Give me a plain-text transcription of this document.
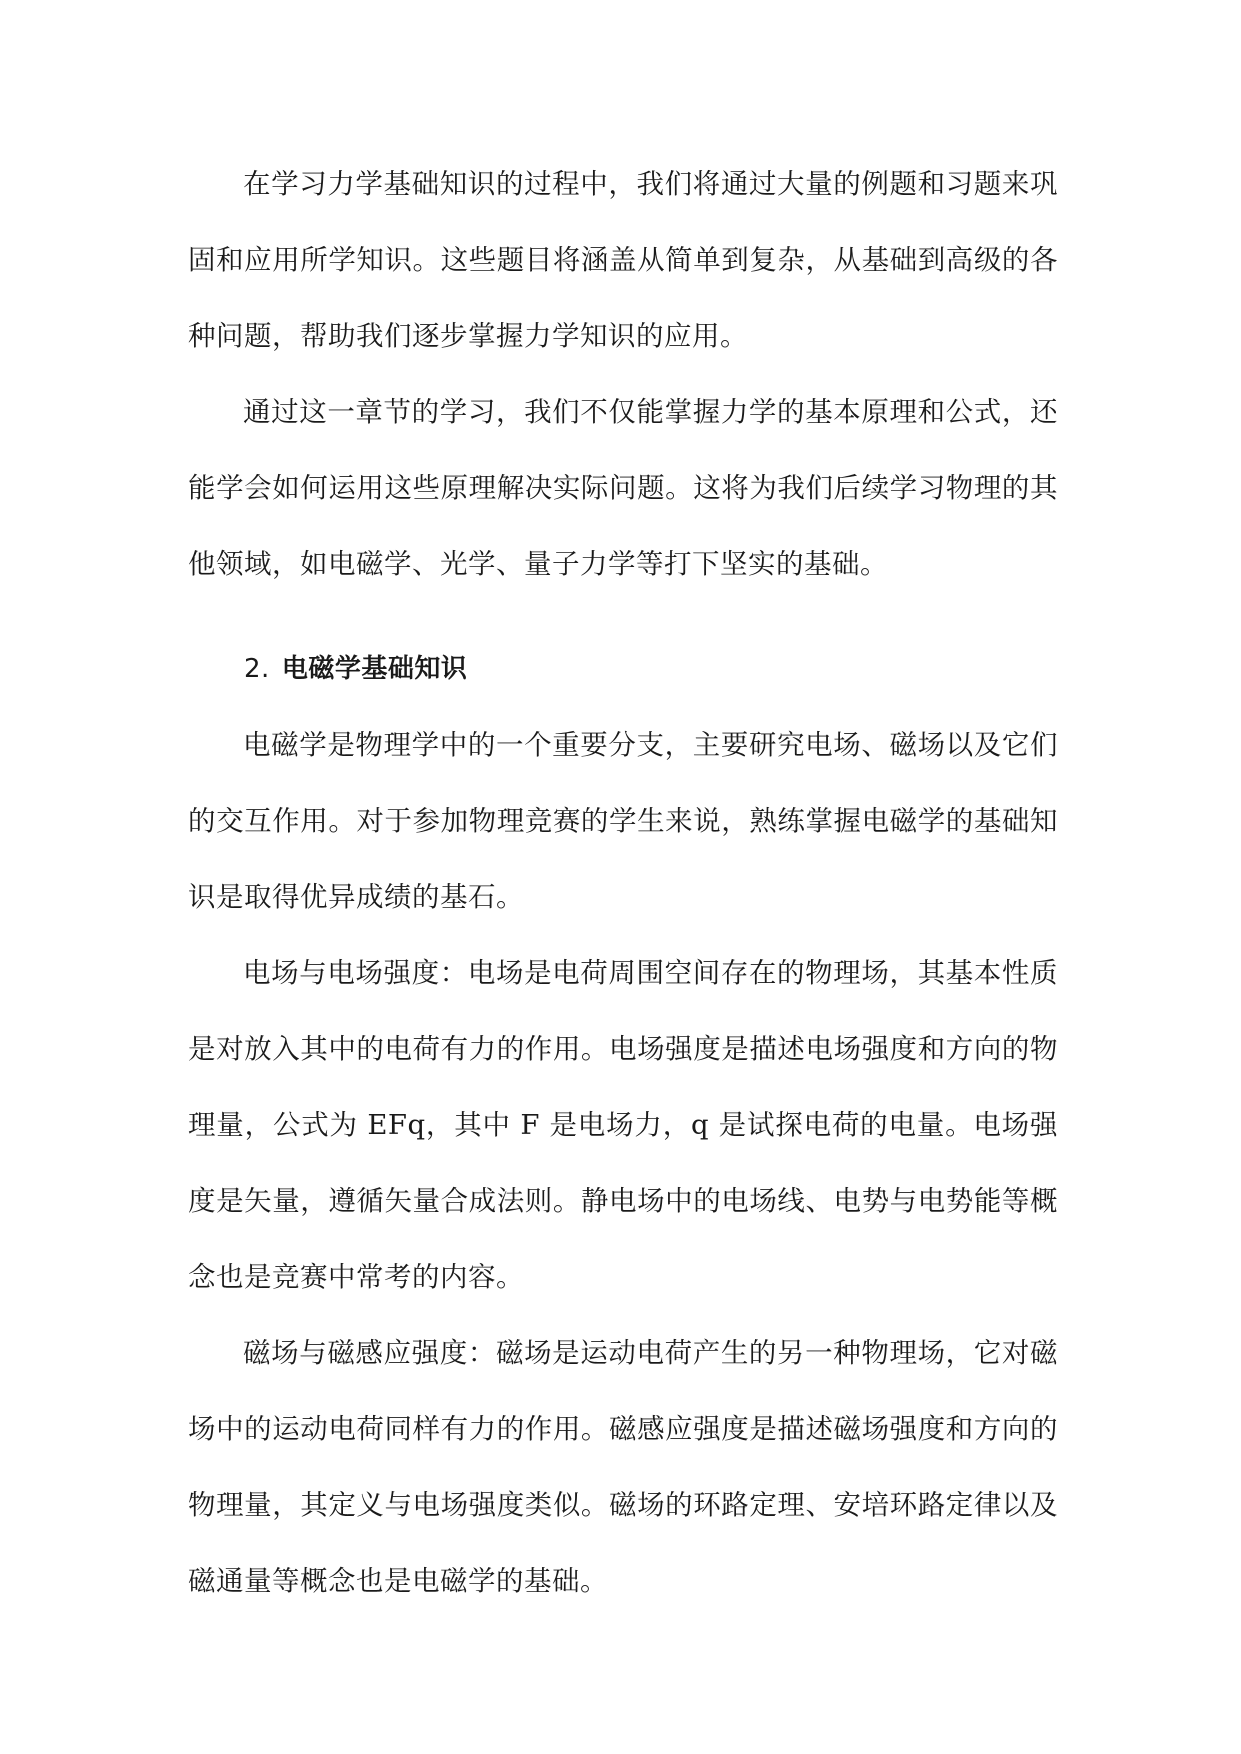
在学习力学基础知识的过程中，我们将通过大量的例题和习题来巩固和应用所学知识。这些题目将涵盖从简单到复杂，从基础到高级的各种问题，帮助我们逐步掌握力学知识的应用。

通过这一章节的学习，我们不仅能掌握力学的基本原理和公式，还能学会如何运用这些原理解决实际问题。这将为我们后续学习物理的其他领域，如电磁学、光学、量子力学等打下坚实的基础。

2. 电磁学基础知识

电磁学是物理学中的一个重要分支，主要研究电场、磁场以及它们的交互作用。对于参加物理竞赛的学生来说，熟练掌握电磁学的基础知识是取得优异成绩的基石。

电场与电场强度：电场是电荷周围空间存在的物理场，其基本性质是对放入其中的电荷有力的作用。电场强度是描述电场强度和方向的物理量，公式为 EFq，其中 F 是电场力，q 是试探电荷的电量。电场强度是矢量，遵循矢量合成法则。静电场中的电场线、电势与电势能等概念也是竞赛中常考的内容。

磁场与磁感应强度：磁场是运动电荷产生的另一种物理场，它对磁场中的运动电荷同样有力的作用。磁感应强度是描述磁场强度和方向的物理量，其定义与电场强度类似。磁场的环路定理、安培环路定律以及磁通量等概念也是电磁学的基础。
